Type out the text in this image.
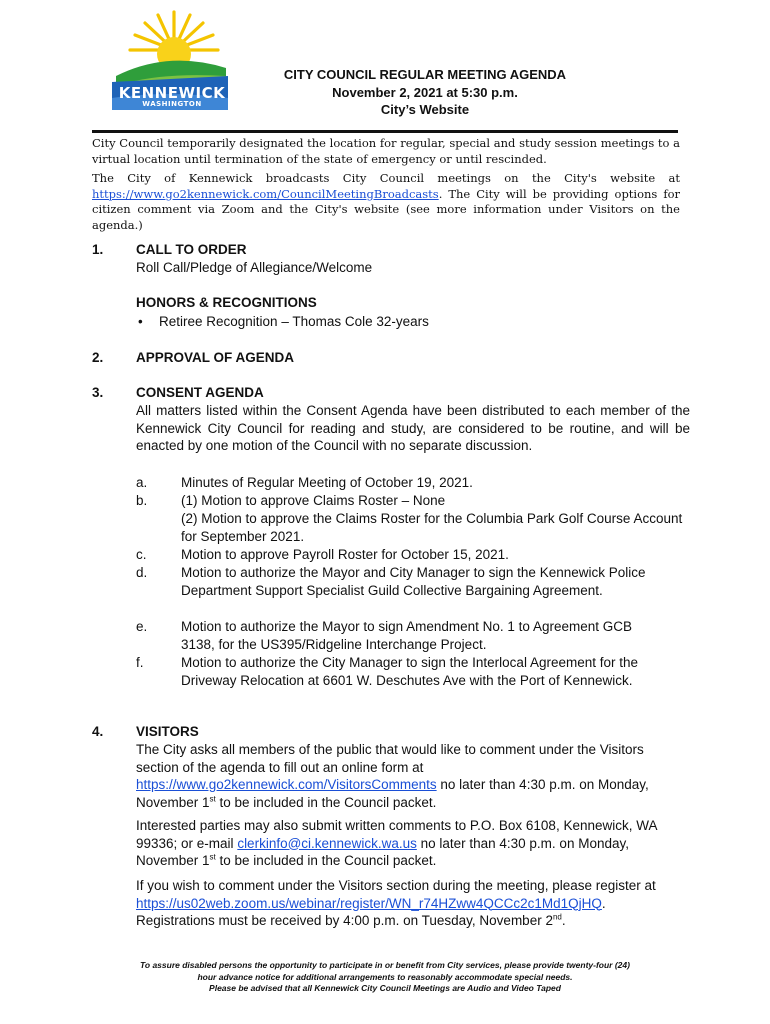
KENNEWICK
WASHINGTON
CITY COUNCIL REGULAR MEETING AGENDA
November 2, 2021 at 5:30 p.m.
City’s Website
City Council temporarily designated the location for regular, special and study session meetings to a virtual location until termination of the state of emergency or until rescinded.
The City of Kennewick broadcasts City Council meetings on the City's website at https://www.go2kennewick.com/CouncilMeetingBroadcasts. The City will be providing options for citizen comment via Zoom and the City's website (see more information under Visitors on the agenda.)
1. CALL TO ORDER
Roll Call/Pledge of Allegiance/Welcome
HONORS & RECOGNITIONS
• Retiree Recognition – Thomas Cole 32-years
2. APPROVAL OF AGENDA
3. CONSENT AGENDA
All matters listed within the Consent Agenda have been distributed to each member of the Kennewick City Council for reading and study, are considered to be routine, and will be enacted by one motion of the Council with no separate discussion.
a. Minutes of Regular Meeting of October 19, 2021.
b. (1) Motion to approve Claims Roster – None
(2) Motion to approve the Claims Roster for the Columbia Park Golf Course Account for September 2021.
c.	Motion to approve Payroll Roster for October 15, 2021.
d. Motion to authorize the Mayor and City Manager to sign the Kennewick Police Department Support Specialist Guild Collective Bargaining Agreement.
e. Motion to authorize the Mayor to sign Amendment No. 1 to Agreement GCB 3138, for the US395/Ridgeline Interchange Project.
f.	Motion to authorize the City Manager to sign the Interlocal Agreement for the Driveway Relocation at 6601 W. Deschutes Ave with the Port of Kennewick.
4. VISITORS
The City asks all members of the public that would like to comment under the Visitors section of the agenda to fill out an online form at https://www.go2kennewick.com/VisitorsComments no later than 4:30 p.m. on Monday, November 1st to be included in the Council packet.
Interested parties may also submit written comments to P.O. Box 6108, Kennewick, WA 99336; or e-mail clerkinfo@ci.kennewick.wa.us no later than 4:30 p.m. on Monday, November 1st to be included in the Council packet.
If you wish to comment under the Visitors section during the meeting, please register at https://us02web.zoom.us/webinar/register/WN_r74HZww4QCCc2c1Md1QjHQ. Registrations must be received by 4:00 p.m. on Tuesday, November 2nd.
To assure disabled persons the opportunity to participate in or benefit from City services, please provide twenty-four (24)
hour advance notice for additional arrangements to reasonably accommodate special needs.
Please be advised that all Kennewick City Council Meetings are Audio and Video Taped
